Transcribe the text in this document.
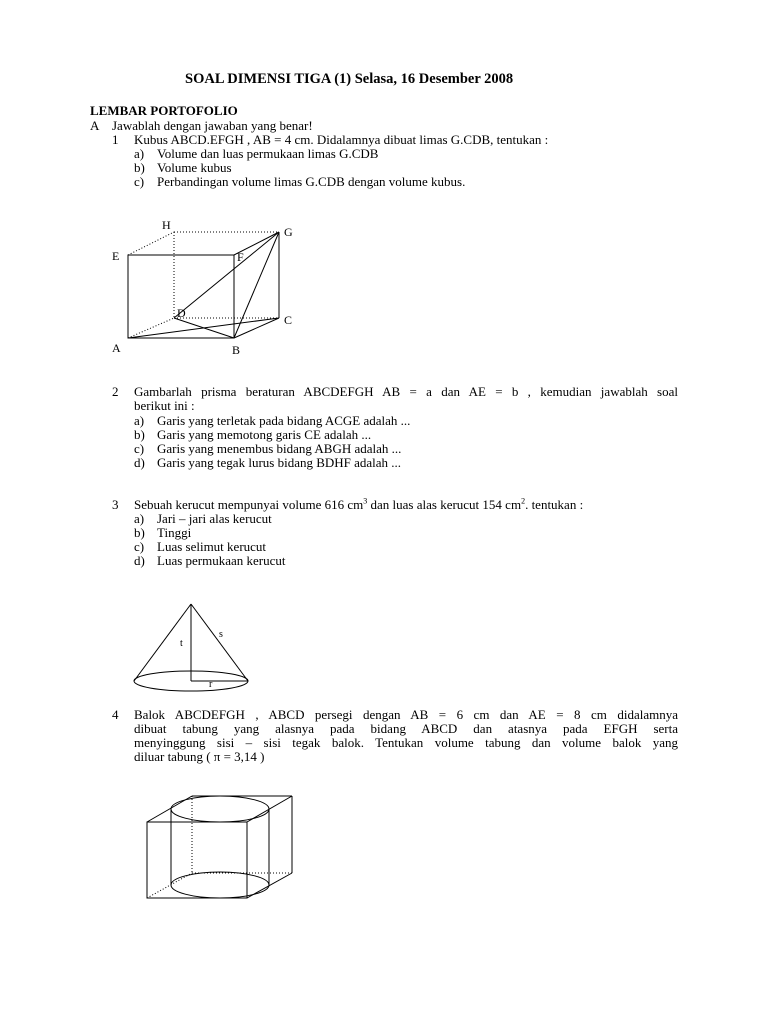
SOAL DIMENSI TIGA (1) Selasa, 16 Desember 2008
LEMBAR PORTOFOLIO
A Jawablah dengan jawaban yang benar!
1 Kubus ABCD.EFGH , AB = 4 cm. Didalamnya dibuat limas G.CDB, tentukan :
a) Volume dan luas permukaan limas G.CDB
b) Volume kubus
c) Perbandingan volume limas G.CDB dengan volume kubus.
H	G
E	F
D	C
A	B
2 Gambarlah prisma beraturan ABCDEFGH AB = a dan AE = b , kemudian jawablah soal
berikut ini :
a) Garis yang terletak pada bidang ACGE adalah ...
b) Garis yang memotong garis CE adalah ...
c) Garis yang menembus bidang ABGH adalah ...
d) Garis yang tegak lurus bidang BDHF adalah ...
3 Sebuah kerucut mempunyai volume 616 $cm^3$ dan luas alas kerucut 154 $cm^2$. tentukan :
a) Jari – jari alas kerucut
b) Tinggi
c) Luas selimut kerucut
d) Luas permukaan kerucut
t
s
r
4 Balok ABCDEFGH , ABCD persegi dengan AB = 6 cm dan AE = 8 cm didalamnya
dibuat tabung yang alasnya pada bidang ABCD dan atasnya pada EFGH serta
menyinggung sisi – sisi tegak balok. Tentukan volume tabung dan volume balok yang
diluar tabung ( π = 3,14 )
